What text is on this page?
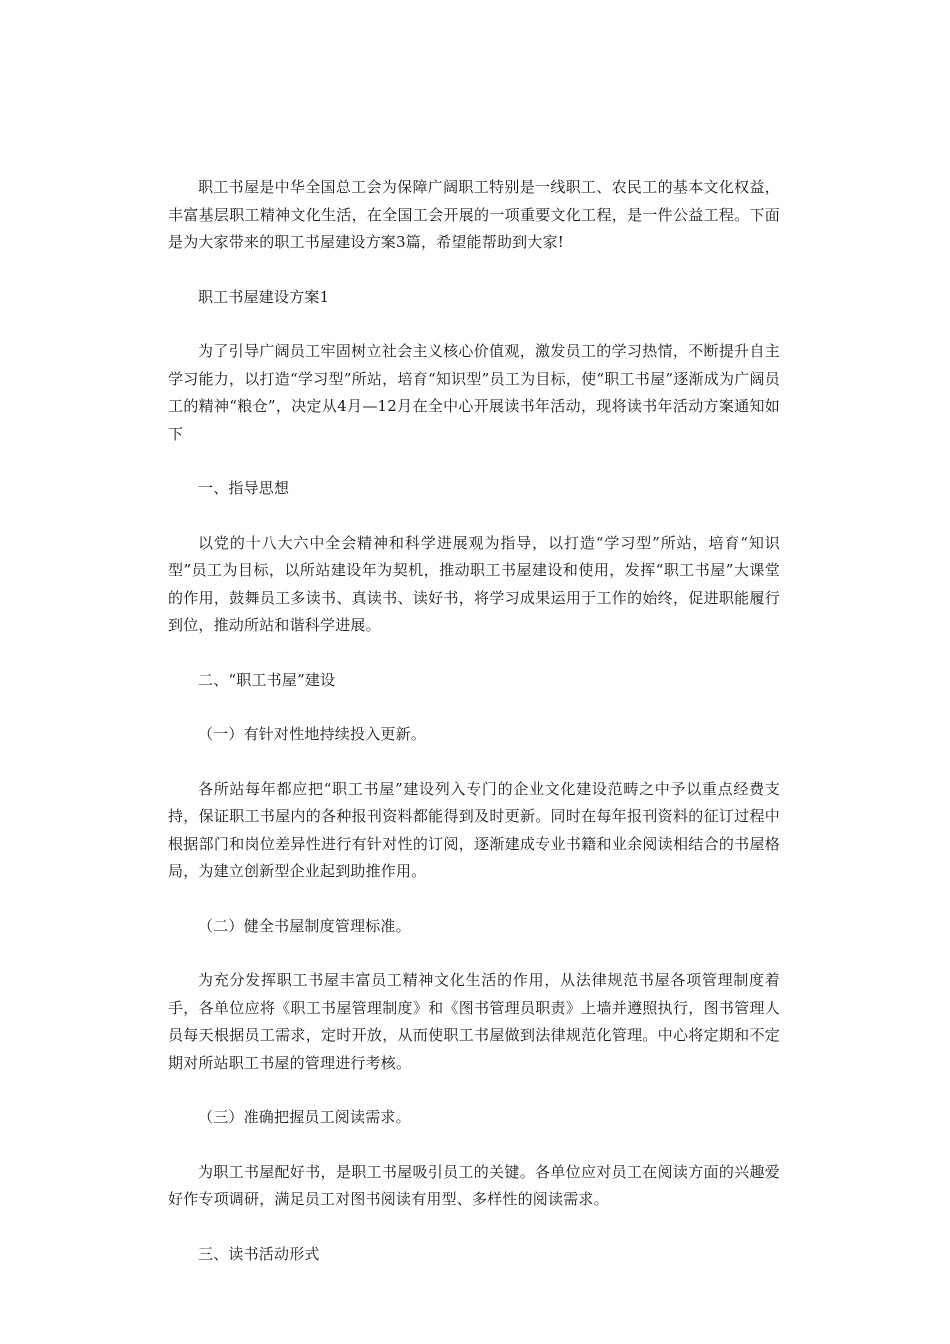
职工书屋是中华全国总工会为保障广阔职工特别是一线职工、农民工的基本文化权益，丰富基层职工精神文化生活，在全国工会开展的一项重要文化工程，是一件公益工程。下面是为大家带来的职工书屋建设方案3篇，希望能帮助到大家!

职工书屋建设方案1

为了引导广阔员工牢固树立社会主义核心价值观，激发员工的学习热情，不断提升自主学习能力，以打造“学习型”所站，培育“知识型”员工为目标，使“职工书屋”逐渐成为广阔员工的精神“粮仓”，决定从4月—12月在全中心开展读书年活动，现将读书年活动方案通知如下

一、指导思想

以党的十八大六中全会精神和科学进展观为指导，以打造“学习型”所站，培育“知识型”员工为目标，以所站建设年为契机，推动职工书屋建设和使用，发挥“职工书屋”大课堂的作用，鼓舞员工多读书、真读书、读好书，将学习成果运用于工作的始终，促进职能履行到位，推动所站和谐科学进展。

二、“职工书屋”建设

（一）有针对性地持续投入更新。

各所站每年都应把“职工书屋”建设列入专门的企业文化建设范畴之中予以重点经费支持，保证职工书屋内的各种报刊资料都能得到及时更新。同时在每年报刊资料的征订过程中根据部门和岗位差异性进行有针对性的订阅，逐渐建成专业书籍和业余阅读相结合的书屋格局，为建立创新型企业起到助推作用。

（二）健全书屋制度管理标准。

为充分发挥职工书屋丰富员工精神文化生活的作用，从法律规范书屋各项管理制度着手，各单位应将《职工书屋管理制度》和《图书管理员职责》上墙并遵照执行，图书管理人员每天根据员工需求，定时开放，从而使职工书屋做到法律规范化管理。中心将定期和不定期对所站职工书屋的管理进行考核。

（三）准确把握员工阅读需求。

为职工书屋配好书，是职工书屋吸引员工的关键。各单位应对员工在阅读方面的兴趣爱好作专项调研，满足员工对图书阅读有用型、多样性的阅读需求。

三、读书活动形式
